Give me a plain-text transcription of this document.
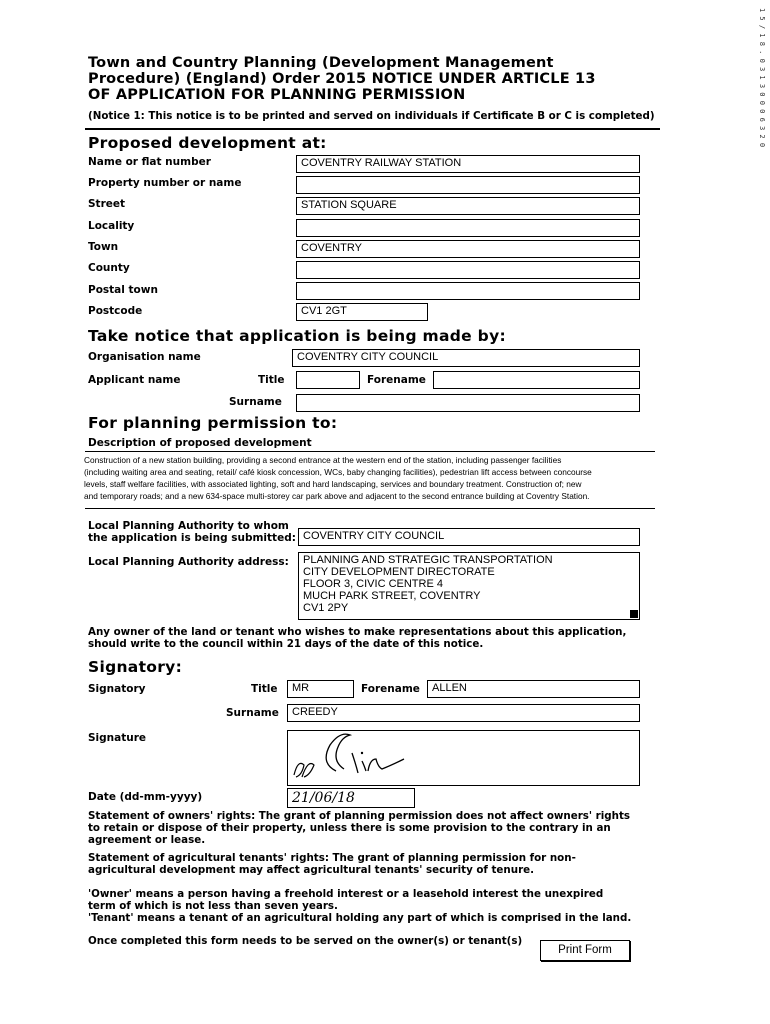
1 5 / 1 8 . 0 3 1 3 0 0 0 6 3 2 0
Town and Country Planning (Development Management Procedure) (England) Order 2015 NOTICE UNDER ARTICLE 13 OF APPLICATION FOR PLANNING PERMISSION
(Notice 1: This notice is to be printed and served on individuals if Certificate B or C is completed)
Proposed development at:
Name or flat number	COVENTRY RAILWAY STATION
Property number or name
Street	STATION SQUARE
Locality
Town	COVENTRY
County
Postal town
Postcode	CV1 2GT
Take notice that application is being made by:
Organisation name	COVENTRY CITY COUNCIL
Applicant name	Title	Forename
Surname
For planning permission to:
Description of proposed development
Construction of a new station building, providing a second entrance at the western end of the station, including passenger facilities
(including waiting area and seating, retail/ café kiosk concession, WCs, baby changing facilities), pedestrian lift access between concourse
levels, staff welfare facilities, with associated lighting, soft and hard landscaping, services and boundary treatment. Construction of; new
and temporary roads; and a new 634-space multi-storey car park above and adjacent to the second entrance building at Coventry Station.
Local Planning Authority to whom
the application is being submitted: COVENTRY CITY COUNCIL
Local Planning Authority address: PLANNING AND STRATEGIC TRANSPORTATION
CITY DEVELOPMENT DIRECTORATE
FLOOR 3, CIVIC CENTRE 4
MUCH PARK STREET, COVENTRY
CV1 2PY
Any owner of the land or tenant who wishes to make representations about this application,
should write to the council within 21 days of the date of this notice.
Signatory:
Signatory	Title	MR	Forename	ALLEN
Surname	CREEDY
Signature
Date (dd-mm-yyyy)	21/06/18
Statement of owners' rights: The grant of planning permission does not affect owners' rights
to retain or dispose of their property, unless there is some provision to the contrary in an
agreement or lease.
Statement of agricultural tenants' rights: The grant of planning permission for non-
agricultural development may affect agricultural tenants' security of tenure.
'Owner' means a person having a freehold interest or a leasehold interest the unexpired
term of which is not less than seven years.
'Tenant' means a tenant of an agricultural holding any part of which is comprised in the land.
Once completed this form needs to be served on the owner(s) or tenant(s)
Print Form
